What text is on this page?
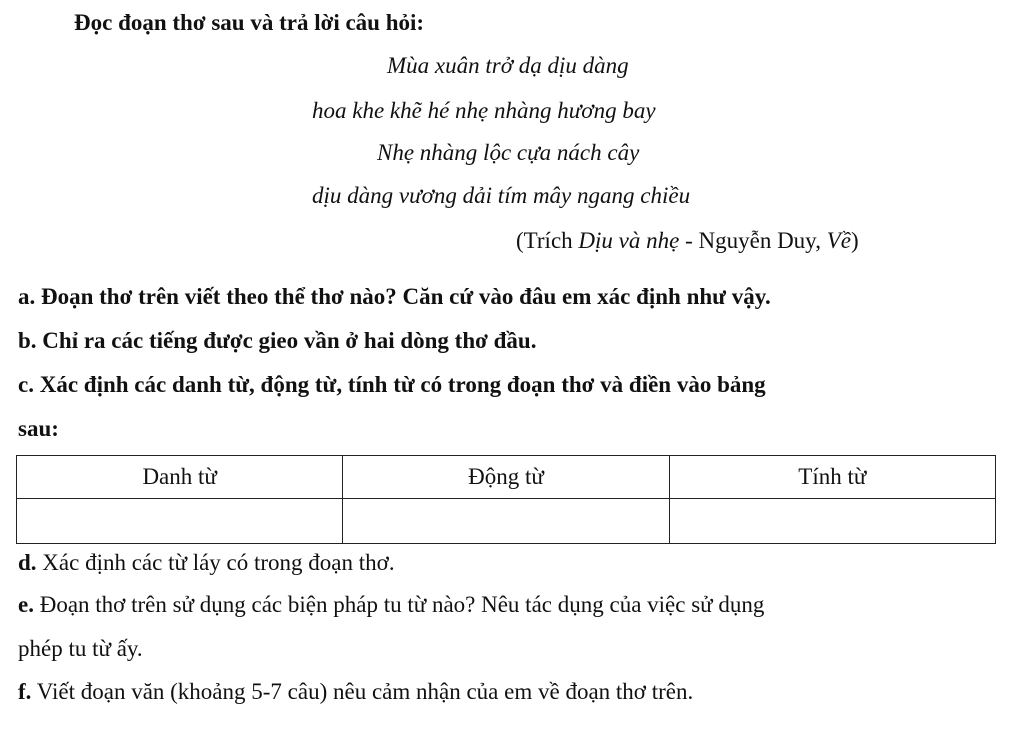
Đọc đoạn thơ sau và trả lời câu hỏi:
Mùa xuân trở dạ dịu dàng
hoa khe khẽ hé nhẹ nhàng hương bay
Nhẹ nhàng lộc cựa nách cây
dịu dàng vương dải tím mây ngang chiều
(Trích Dịu và nhẹ - Nguyễn Duy, Về)
a. Đoạn thơ trên viết theo thể thơ nào? Căn cứ vào đâu em xác định như vậy.
b. Chỉ ra các tiếng được gieo vần ở hai dòng thơ đầu.
c. Xác định các danh từ, động từ, tính từ có trong đoạn thơ và điền vào bảng
sau:
Danh từ	Động từ	Tính từ

d. Xác định các từ láy có trong đoạn thơ.
e. Đoạn thơ trên sử dụng các biện pháp tu từ nào? Nêu tác dụng của việc sử dụng
phép tu từ ấy.
f. Viết đoạn văn (khoảng 5-7 câu) nêu cảm nhận của em về đoạn thơ trên.
